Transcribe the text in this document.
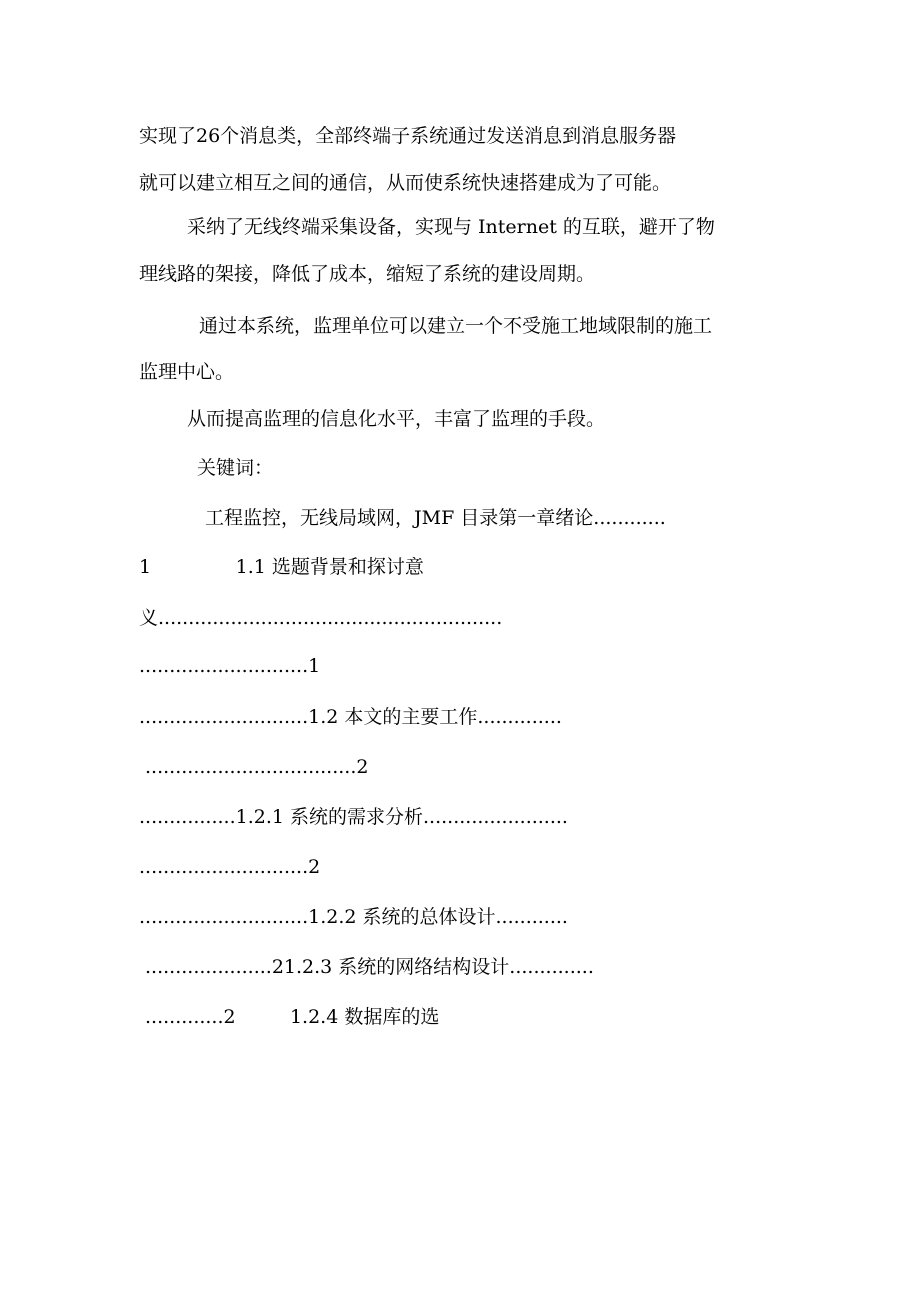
实现了26个消息类，全部终端子系统通过发送消息到消息服务器
就可以建立相互之间的通信，从而使系统快速搭建成为了可能。
采纳了无线终端采集设备，实现与 Internet 的互联，避开了物
理线路的架接，降低了成本，缩短了系统的建设周期。
通过本系统，监理单位可以建立一个不受施工地域限制的施工
监理中心。
从而提高监理的信息化水平，丰富了监理的手段。
关键词：
工程监控，无线局域网，JMF 目录第一章绪论............
1              1.1 选题背景和探讨意
义.........................................................
............................1
............................1.2 本文的主要工作..............
...................................2
................1.2.1 系统的需求分析........................
............................2
............................1.2.2 系统的总体设计............
.....................21.2.3 系统的网络结构设计..............
.............2         1.2.4 数据库的选
